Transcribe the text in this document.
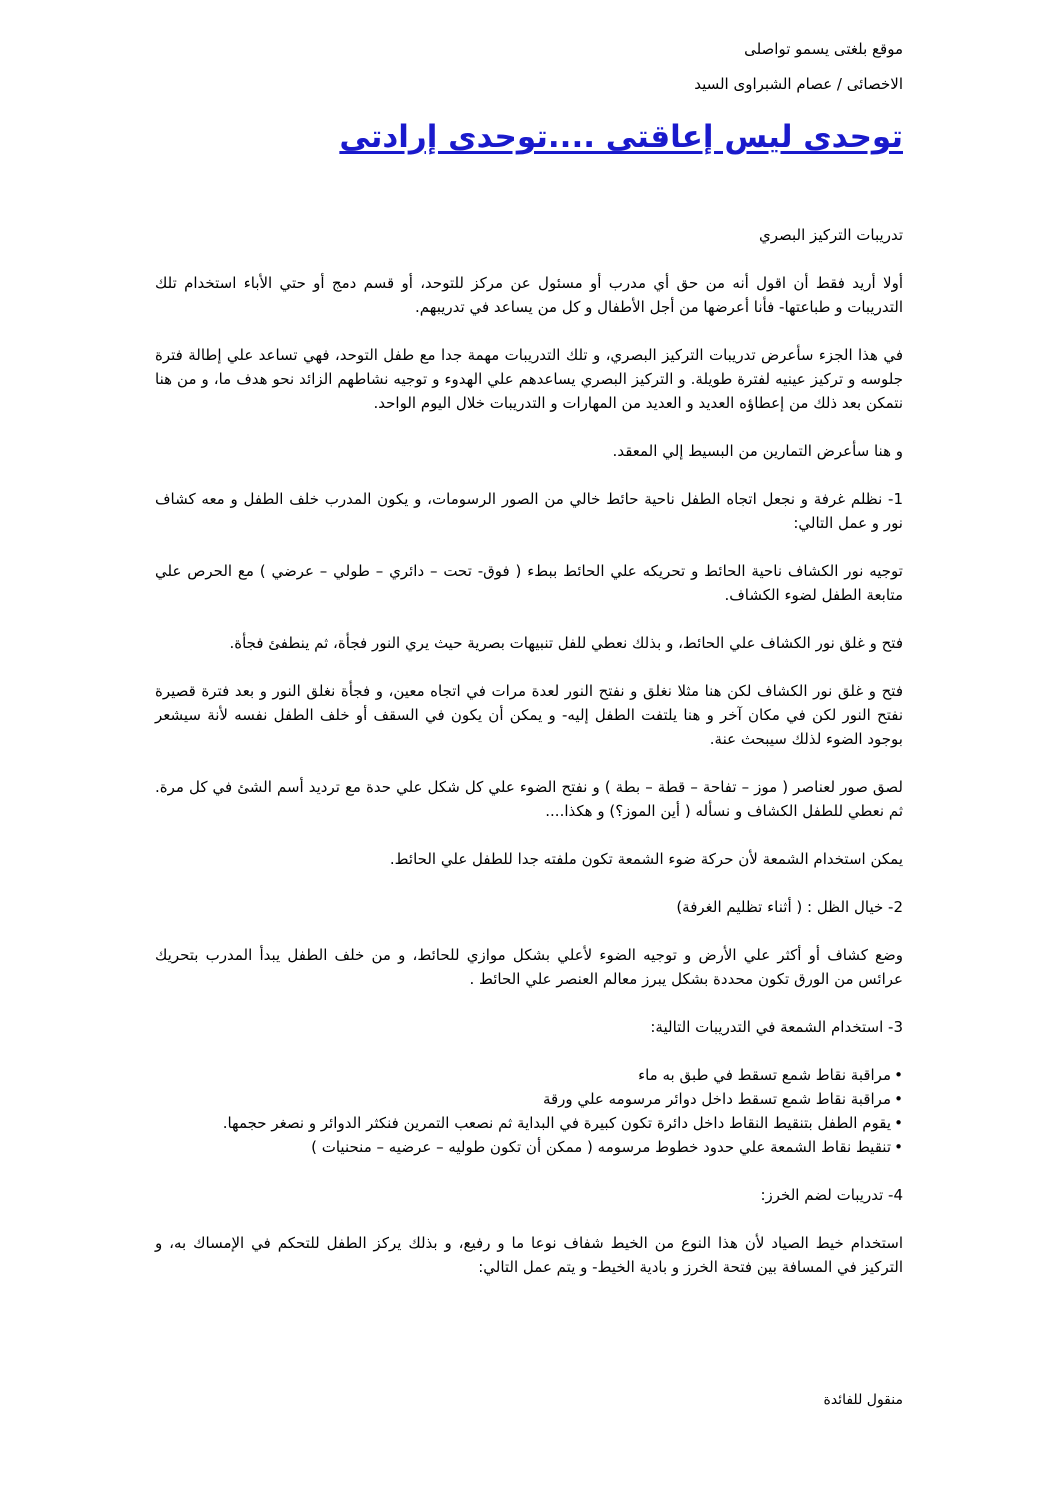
موقع بلغتى يسمو تواصلى

الاخصائى / عصام الشبراوى السيد

توحدى ليس إعاقتى ....توحدى إرادتى

تدريبات التركيز البصري

أولا أريد فقط أن اقول أنه من حق أي مدرب أو مسئول عن مركز للتوحد، أو قسم دمج أو حتي الأباء استخدام تلك التدريبات و طباعتها- فأنا أعرضها من أجل الأطفال و كل من يساعد في تدريبهم.

في هذا الجزء سأعرض تدريبات التركيز البصري، و تلك التدريبات مهمة جدا مع طفل التوحد، فهي تساعد علي إطالة فترة جلوسه و تركيز عينيه لفترة طويلة. و التركيز البصري يساعدهم علي الهدوء و توجيه نشاطهم الزائد نحو هدف ما، و من هنا نتمكن بعد ذلك من إعطاؤه العديد و العديد من المهارات و التدريبات خلال اليوم الواحد.

و هنا سأعرض التمارين من البسيط إلي المعقد.

1- نظلم غرفة و نجعل اتجاه الطفل ناحية حائط خالي من الصور الرسومات، و يكون المدرب خلف الطفل و معه كشاف نور و عمل التالي:

توجيه نور الكشاف ناحية الحائط و تحريكه علي الحائط ببطء ( فوق- تحت – دائري – طولي – عرضي ) مع الحرص علي متابعة الطفل لضوء الكشاف.

فتح و غلق نور الكشاف علي الحائط، و بذلك نعطي للفل تنبيهات بصرية حيث يري النور فجأة، ثم ينطفئ فجأة.

فتح و غلق نور الكشاف لكن هنا مثلا نغلق و نفتح النور لعدة مرات في اتجاه معين، و فجأة نغلق النور و بعد فترة قصيرة نفتح النور لكن في مكان آخر و هنا يلتفت الطفل إليه- و يمكن أن يكون في السقف أو خلف الطفل نفسه لأنة سيشعر بوجود الضوء لذلك سيبحث عنة.

لصق صور لعناصر ( موز – تفاحة – قطة – بطة ) و نفتح الضوء علي كل شكل علي حدة مع ترديد أسم الشئ في كل مرة. ثم نعطي للطفل الكشاف و نسأله ( أين الموز؟) و هكذا....

يمكن استخدام الشمعة لأن حركة ضوء الشمعة تكون ملفته جدا للطفل علي الحائط.

2- خيال الظل : ( أثناء تظليم الغرفة)

وضع كشاف أو أكثر علي الأرض و توجيه الضوء لأعلي بشكل موازي للحائط، و من خلف الطفل يبدأ المدرب بتحريك عرائس من الورق تكون محددة بشكل يبرز معالم العنصر علي الحائط .

3- استخدام الشمعة في التدريبات التالية:

•
مراقبة نقاط شمع تسقط في طبق به ماء
•
مراقبة نقاط شمع تسقط داخل دوائر مرسومه علي ورقة
•
يقوم الطفل بتنقيط النقاط داخل دائرة تكون كبيرة في البداية ثم نصعب التمرين فنكثر الدوائر و نصغر حجمها.
•
تنقيط نقاط الشمعة علي حدود خطوط مرسومه ( ممكن أن تكون طوليه – عرضيه – منحنيات )

4- تدريبات لضم الخرز:

استخدام خيط الصياد لأن هذا النوع من الخيط شفاف نوعا ما و رفيع، و بذلك يركز الطفل للتحكم في الإمساك به، و التركيز في المسافة بين فتحة الخرز و بادية الخيط- و يتم عمل التالي:

منقول للفائدة
